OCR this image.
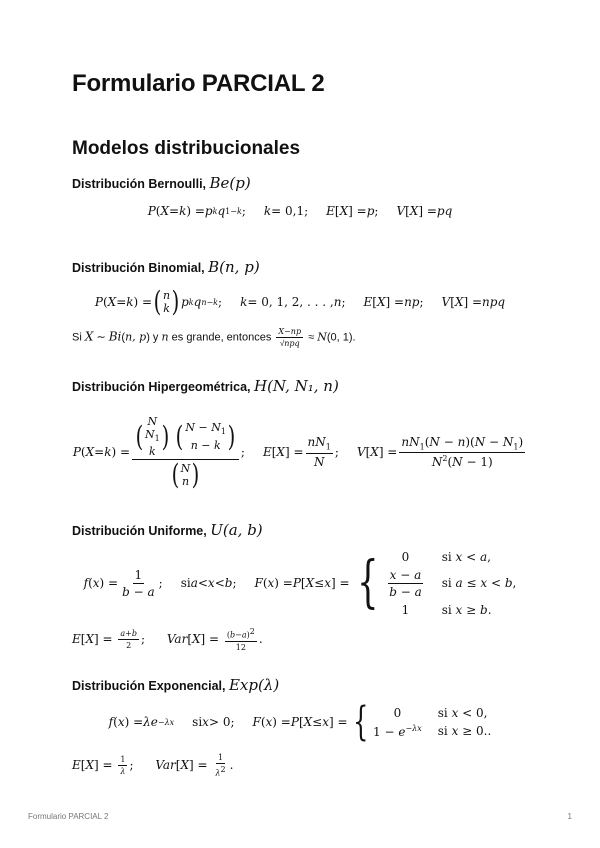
Formulario PARCIAL 2
Modelos distribucionales
Distribución Bernoulli, Be(p)
P ( X = k ) = p k q 1−k ; k = 0,1; E [ X ] = p ; V [ X ] = pq
Distribución Binomial, B(n, p)
P ( X = k ) = ( n
k ) p k q n−k ; k = 0, 1, 2, . . . , n ; E [ X ] = np ; V [ X ] = npq
Si X ∼ Bi(n, p) y n es grande, entonces $\frac{X-np}{\text{√npq}} \approx N(0$, 1).
Distribución Hipergeométrica, H(N, N₁, n)
P ( X = k ) = ( N
$N_1$
k )
( $N - N_1$
n − k )
( N
n ) ; E [ X ] = $\frac{nN_1}{N}$ ; V [ X ] = $\frac{nN_1(N - n)(N - N_1)}{N^2(N - 1)}$
Distribución Uniforme, U(a, b)
f ( x ) = $\frac{1}{b - a}$ ;
si a < x < b ; F ( x ) = P [ X ≤ x ] = {	0	si x < a,
$\frac{x - a}{b - a}$ si a ≤ x < b,
1	si x ≥ b.
$E[X] = \frac{a+b}{2}$ ; $Var[X] = \frac{(b-a)^2}{12}$ .
Distribución Exponencial, Exp(λ)
f ( x ) = λe −λx si x > 0; F ( x ) = P [ X ≤ x ] = {	0	si x < 0,
$1 - e^{-\lambda x}$ si x ≥ 0..
$E[X] = \frac{1}{\lambda}$ ; $Var[X] = \frac{1}{\lambda^2}$ .
Formulario PARCIAL 2	1
